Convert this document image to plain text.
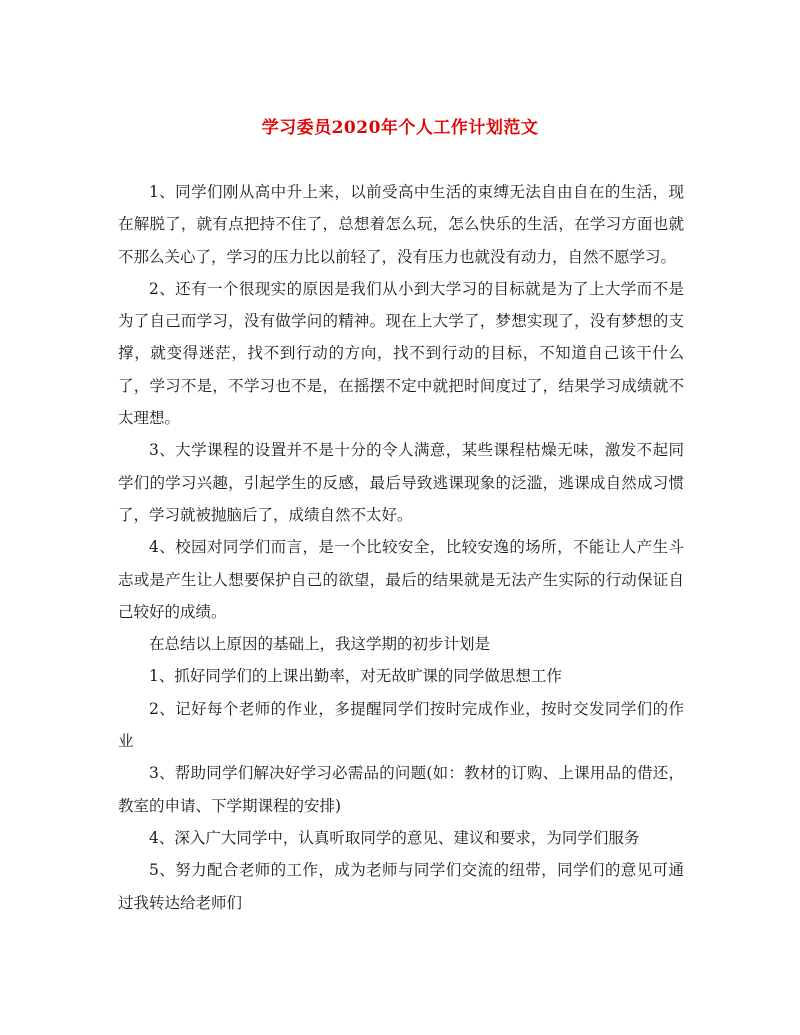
学习委员2020年个人工作计划范文

1、同学们刚从高中升上来，以前受高中生活的束缚无法自由自在的生活，现在解脱了，就有点把持不住了，总想着怎么玩，怎么快乐的生活，在学习方面也就不那么关心了，学习的压力比以前轻了，没有压力也就没有动力，自然不愿学习。

2、还有一个很现实的原因是我们从小到大学习的目标就是为了上大学而不是为了自己而学习，没有做学问的精神。现在上大学了，梦想实现了，没有梦想的支撑，就变得迷茫，找不到行动的方向，找不到行动的目标，不知道自己该干什么了，学习不是，不学习也不是，在摇摆不定中就把时间度过了，结果学习成绩就不太理想。

3、大学课程的设置并不是十分的令人满意，某些课程枯燥无味，激发不起同学们的学习兴趣，引起学生的反感，最后导致逃课现象的泛滥，逃课成自然成习惯了，学习就被抛脑后了，成绩自然不太好。

4、校园对同学们而言，是一个比较安全，比较安逸的场所，不能让人产生斗志或是产生让人想要保护自己的欲望，最后的结果就是无法产生实际的行动保证自己较好的成绩。

在总结以上原因的基础上，我这学期的初步计划是

1、抓好同学们的上课出勤率，对无故旷课的同学做思想工作

2、记好每个老师的作业，多提醒同学们按时完成作业，按时交发同学们的作业

3、帮助同学们解决好学习必需品的问题(如：教材的订购、上课用品的借还，教室的申请、下学期课程的安排)

4、深入广大同学中，认真听取同学的意见、建议和要求，为同学们服务

5、努力配合老师的工作，成为老师与同学们交流的纽带，同学们的意见可通过我转达给老师们
